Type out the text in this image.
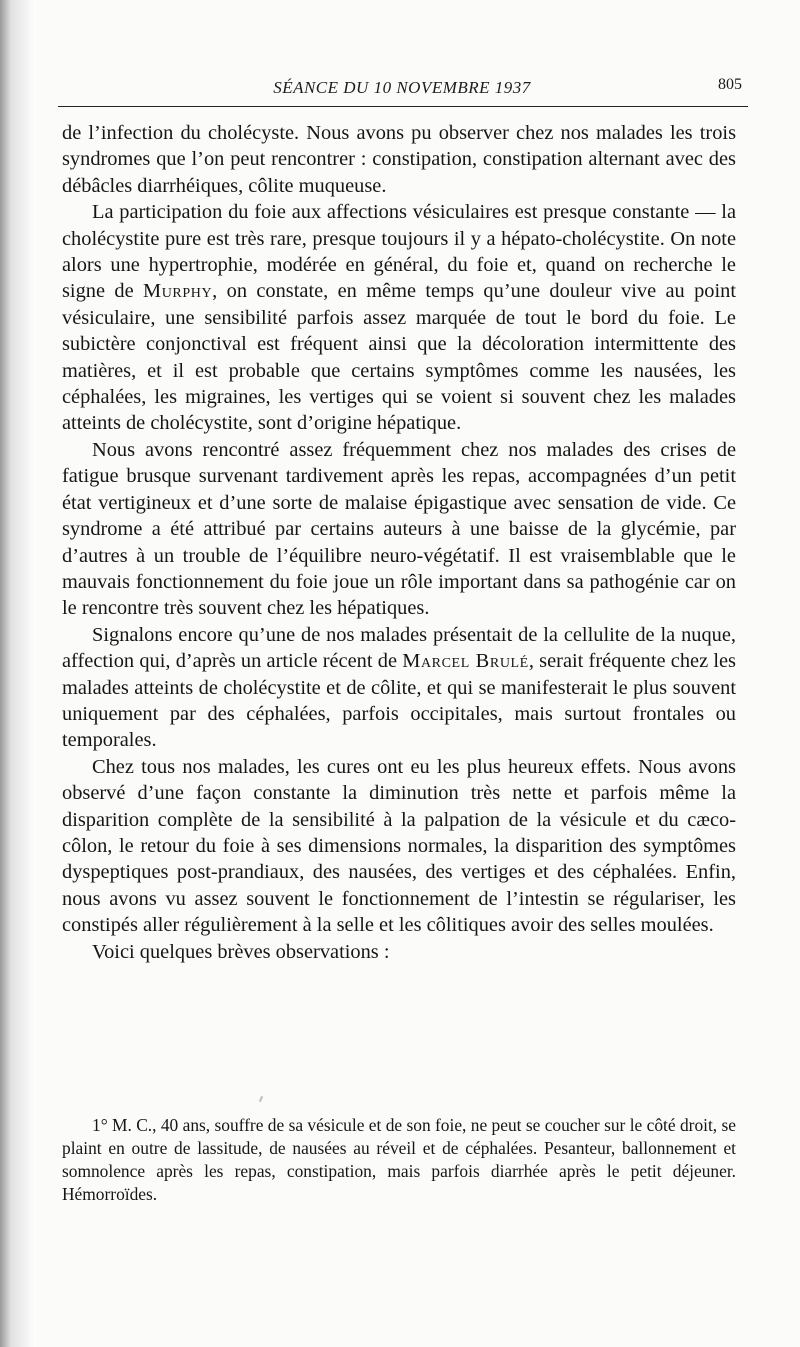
SÉANCE DU 10 NOVEMBRE 1937	805

de l’infection du cholécyste. Nous avons pu observer chez nos malades les trois syndromes que l’on peut rencontrer : constipation, constipation alternant avec des débâcles diarrhéiques, côlite muqueuse.

La participation du foie aux affections vésiculaires est presque constante — la cholécystite pure est très rare, presque toujours il y a hépato-cholécystite. On note alors une hypertrophie, modérée en général, du foie et, quand on recherche le signe de Murphy, on constate, en même temps qu’une douleur vive au point vésiculaire, une sensibilité parfois assez marquée de tout le bord du foie. Le subictère conjonctival est fréquent ainsi que la décoloration intermittente des matières, et il est probable que certains symptômes comme les nausées, les céphalées, les migraines, les vertiges qui se voient si souvent chez les malades atteints de cholécystite, sont d’origine hépatique.

Nous avons rencontré assez fréquemment chez nos malades des crises de fatigue brusque survenant tardivement après les repas, accompagnées d’un petit état vertigineux et d’une sorte de malaise épigastique avec sensation de vide. Ce syndrome a été attribué par certains auteurs à une baisse de la glycémie, par d’autres à un trouble de l’équilibre neuro-végétatif. Il est vraisemblable que le mauvais fonctionnement du foie joue un rôle important dans sa pathogénie car on le rencontre très souvent chez les hépatiques.

Signalons encore qu’une de nos malades présentait de la cellulite de la nuque, affection qui, d’après un article récent de Marcel Brulé, serait fréquente chez les malades atteints de cholécystite et de côlite, et qui se manifesterait le plus souvent uniquement par des céphalées, parfois occipitales, mais surtout frontales ou temporales.

Chez tous nos malades, les cures ont eu les plus heureux effets. Nous avons observé d’une façon constante la diminution très nette et parfois même la disparition complète de la sensibilité à la palpation de la vésicule et du cæco-côlon, le retour du foie à ses dimensions normales, la disparition des symptômes dyspeptiques post-prandiaux, des nausées, des vertiges et des céphalées. Enfin, nous avons vu assez souvent le fonctionnement de l’intestin se régulariser, les constipés aller régulièrement à la selle et les côlitiques avoir des selles moulées.

Voici quelques brèves observations :

1° M. C., 40 ans, souffre de sa vésicule et de son foie, ne peut se coucher sur le côté droit, se plaint en outre de lassitude, de nausées au réveil et de céphalées. Pesanteur, ballonnement et somnolence après les repas, constipation, mais parfois diarrhée après le petit déjeuner. Hémorroïdes.
